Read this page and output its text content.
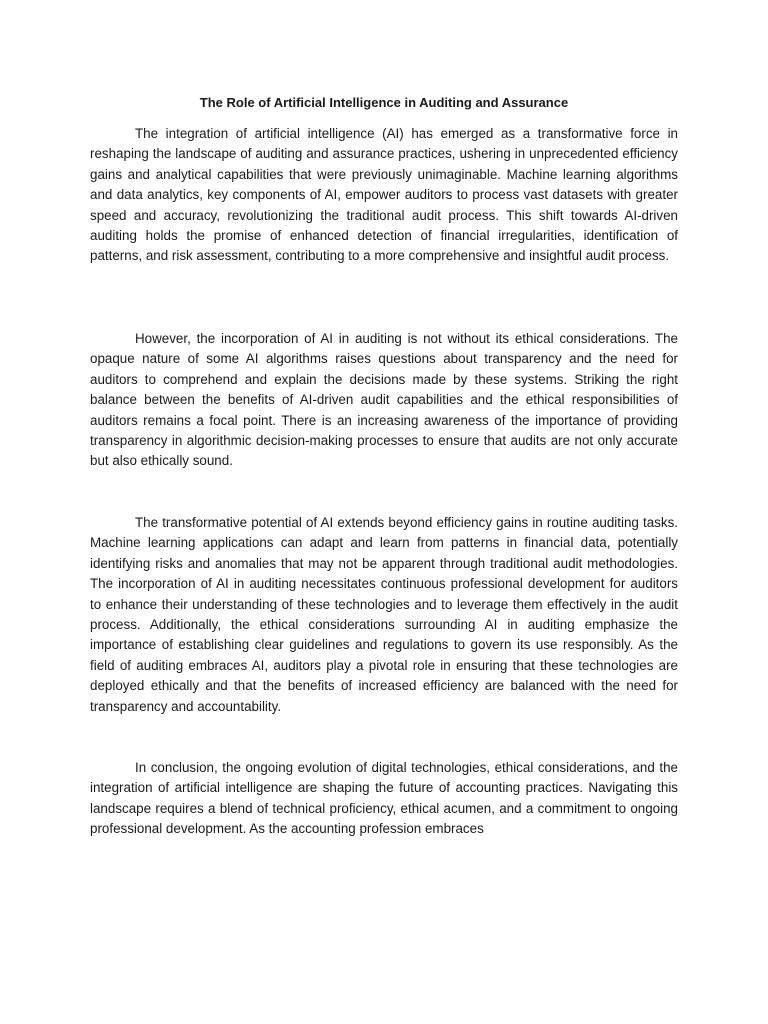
The Role of Artificial Intelligence in Auditing and Assurance

The integration of artificial intelligence (AI) has emerged as a transformative force in reshaping the landscape of auditing and assurance practices, ushering in unprecedented efficiency gains and analytical capabilities that were previously unimaginable. Machine learning algorithms and data analytics, key components of AI, empower auditors to process vast datasets with greater speed and accuracy, revolutionizing the traditional audit process. This shift towards AI-driven auditing holds the promise of enhanced detection of financial irregularities, identification of patterns, and risk assessment, contributing to a more comprehensive and insightful audit process.

However, the incorporation of AI in auditing is not without its ethical considerations. The opaque nature of some AI algorithms raises questions about transparency and the need for auditors to comprehend and explain the decisions made by these systems. Striking the right balance between the benefits of AI-driven audit capabilities and the ethical responsibilities of auditors remains a focal point. There is an increasing awareness of the importance of providing transparency in algorithmic decision-making processes to ensure that audits are not only accurate but also ethically sound.

The transformative potential of AI extends beyond efficiency gains in routine auditing tasks. Machine learning applications can adapt and learn from patterns in financial data, potentially identifying risks and anomalies that may not be apparent through traditional audit methodologies. The incorporation of AI in auditing necessitates continuous professional development for auditors to enhance their understanding of these technologies and to leverage them effectively in the audit process. Additionally, the ethical considerations surrounding AI in auditing emphasize the importance of establishing clear guidelines and regulations to govern its use responsibly. As the field of auditing embraces AI, auditors play a pivotal role in ensuring that these technologies are deployed ethically and that the benefits of increased efficiency are balanced with the need for transparency and accountability.

In conclusion, the ongoing evolution of digital technologies, ethical considerations, and the integration of artificial intelligence are shaping the future of accounting practices. Navigating this landscape requires a blend of technical proficiency, ethical acumen, and a commitment to ongoing professional development. As the accounting profession embraces
